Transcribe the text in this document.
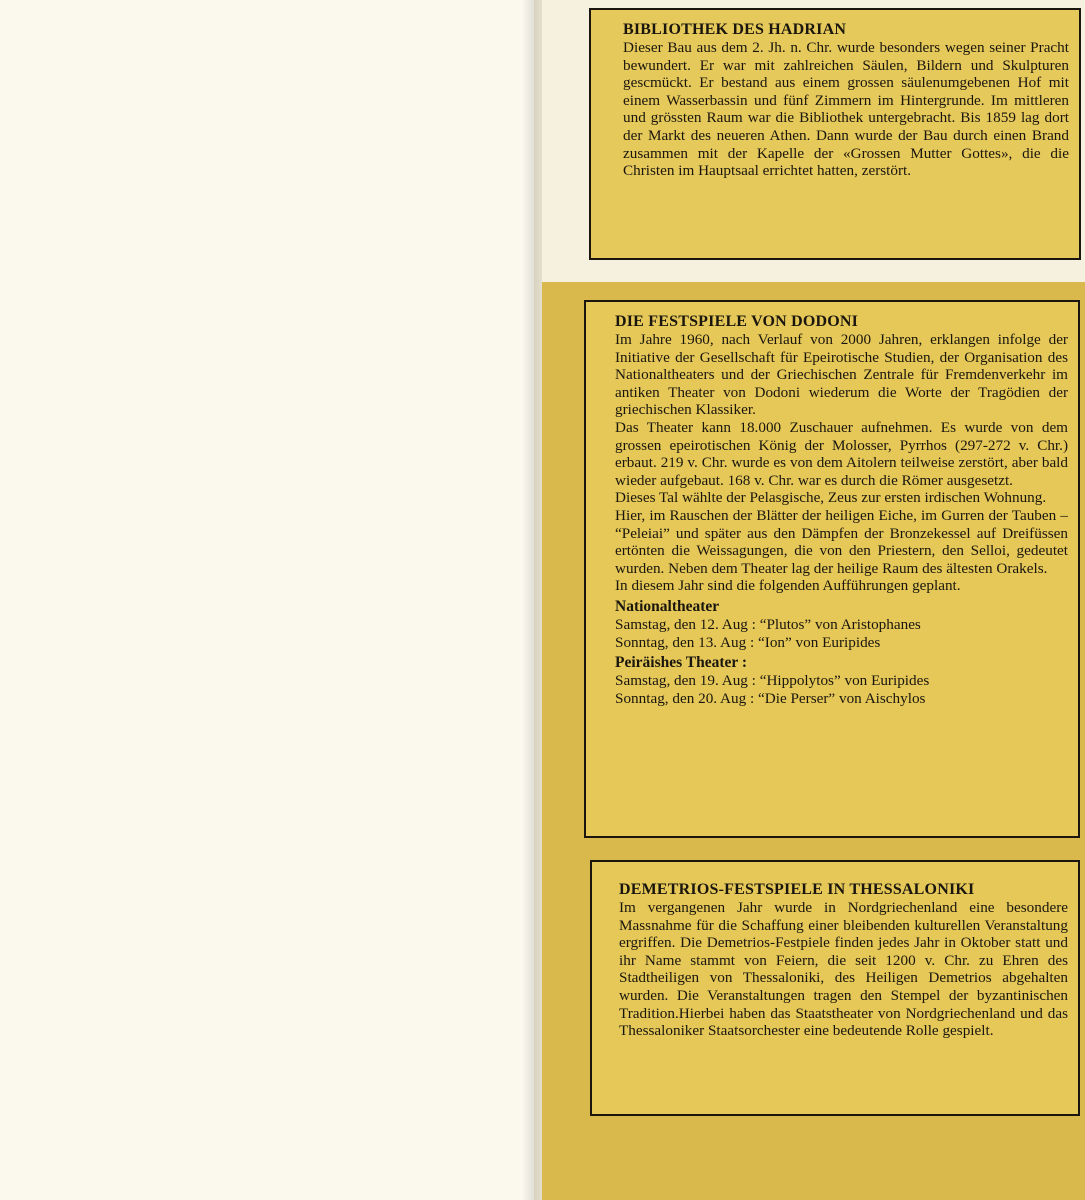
BIBLIOTHEK DES HADRIAN

Dieser Bau aus dem 2. Jh. n. Chr. wurde besonders wegen seiner Pracht bewundert. Er war mit zahlreichen Säulen, Bildern und Skulpturen gescmückt. Er bestand aus einem grossen säulenumgebenen Hof mit einem Wasserbassin und fünf Zimmern im Hintergrunde. Im mittleren und grössten Raum war die Bibliothek untergebracht. Bis 1859 lag dort der Markt des neueren Athen. Dann wurde der Bau durch einen Brand zusammen mit der Kapelle der «Grossen Mutter Gottes», die die Christen im Hauptsaal errichtet hatten, zerstört.

DIE FESTSPIELE VON DODONI

Im Jahre 1960, nach Verlauf von 2000 Jahren, erklangen infolge der Initiative der Gesellschaft für Epeirotische Studien, der Organisation des Nationaltheaters und der Griechischen Zentrale für Fremdenverkehr im antiken Theater von Dodoni wiederum die Worte der Tragödien der griechischen Klassiker.

Das Theater kann 18.000 Zuschauer aufnehmen. Es wurde von dem grossen epeirotischen König der Molosser, Pyrrhos (297-272 v. Chr.) erbaut. 219 v. Chr. wurde es von dem Aitolern teilweise zerstört, aber bald wieder aufgebaut. 168 v. Chr. war es durch die Römer ausgesetzt.

Dieses Tal wählte der Pelasgische, Zeus zur ersten irdischen Wohnung.

Hier, im Rauschen der Blätter der heiligen Eiche, im Gurren der Tauben – “Peleiai” und später aus den Dämpfen der Bronzekessel auf Dreifüssen ertönten die Weissagungen, die von den Priestern, den Selloi, gedeutet wurden. Neben dem Theater lag der heilige Raum des ältesten Orakels.

In diesem Jahr sind die folgenden Aufführungen geplant.

Nationaltheater
Samstag, den 12. Aug : “Plutos” von Aristophanes
Sonntag, den 13. Aug : “Ion” von Euripides
Peiräishes Theater :
Samstag, den 19. Aug : “Hippolytos” von Euripides
Sonntag, den 20. Aug : “Die Perser” von Aischylos
DEMETRIOS-FESTSPIELE IN THESSALONIKI

Im vergangenen Jahr wurde in Nordgriechenland eine besondere Massnahme für die Schaffung einer bleibenden kulturellen Veranstaltung ergriffen. Die Demetrios-Festpiele finden jedes Jahr in Oktober statt und ihr Name stammt von Feiern, die seit 1200 v. Chr. zu Ehren des Stadtheiligen von Thessaloniki, des Heiligen Demetrios abgehalten wurden. Die Veranstaltungen tragen den Stempel der byzantinischen Tradition.Hierbei haben das Staatstheater von Nordgriechenland und das Thessaloniker Staatsorchester eine bedeutende Rolle gespielt.
